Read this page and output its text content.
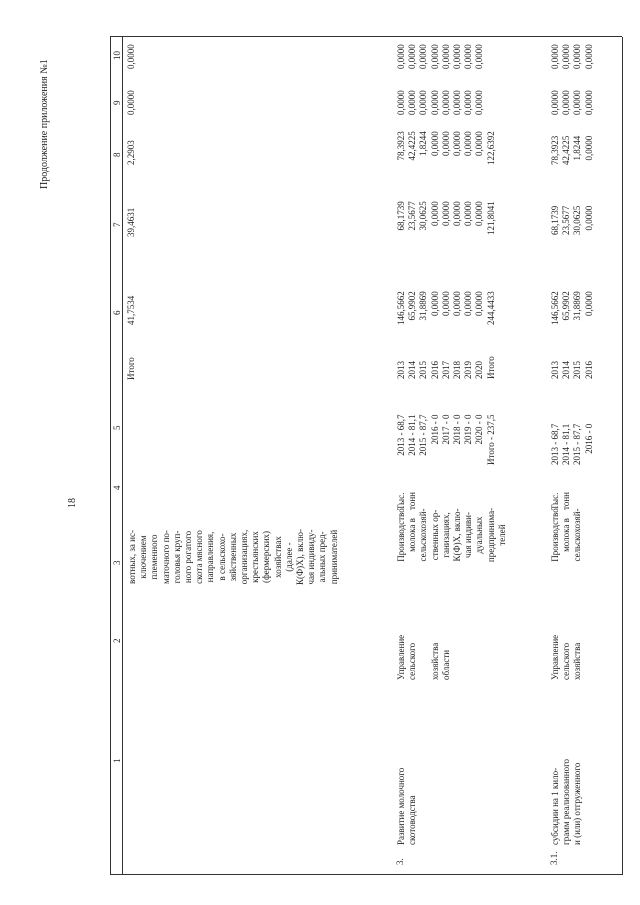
18
Продолжение приложения №1
1
2
3
4
5
6
7
8
9
10
Итого
41,7534
39,4631
2,2903
0,0000
0,0000
вотных, за ис- ключением племенного маточного по- головья круп- ного рогатого скота мясного направления, в сельскохо- зяйственных организациях, крестьянских (фермерских) хозяйствах (далее - К(Ф)Х), вклю- чая индивиду- альных пред- принимателей
3.
Развитие молочного скотоводства
Управление сельского
хозяйства области
Производство молока в сельскохозяй- ственных ор- ганизациях, К(Ф)Х, вклю- чая индиви- дуальных предпринима- телей
Тыс. тонн
2013 - 68,7 2014 - 81,1 2015 - 87,7 2016 - 0 2017 - 0 2018 - 0 2019 - 0 2020 - 0 Итого - 237,5
2013 2014 2015 2016 2017 2018 2019 2020 Итого
146,5662 65,9902 31,8869 0,0000 0,0000 0,0000 0,0000 0,0000 244,4433
68,1739 23,5677 30,0625 0,0000 0,0000 0,0000 0,0000 0,0000 121,8041
78,3923 42,4225 1,8244 0,0000 0,0000 0,0000 0,0000 0,0000 122,6392
0,0000 0,0000 0,0000 0,0000 0,0000 0,0000 0,0000 0,0000
0,0000 0,0000 0,0000 0,0000 0,0000 0,0000 0,0000 0,0000
3.1.
субсидии на 1 кило- грамм реализованного и (или) отгруженного
Управление сельского хозяйства
Производство молока в сельскохозяй-
Тыс. тонн
2013 - 68,7 2014 - 81,1 2015 - 87,7 2016 - 0
2013 2014 2015 2016
146,5662 65,9902 31,8869 0,0000
68,1739 23,5677 30,0625 0,0000
78,3923 42,4225 1,8244 0,0000
0,0000 0,0000 0,0000 0,0000
0,0000 0,0000 0,0000 0,0000
